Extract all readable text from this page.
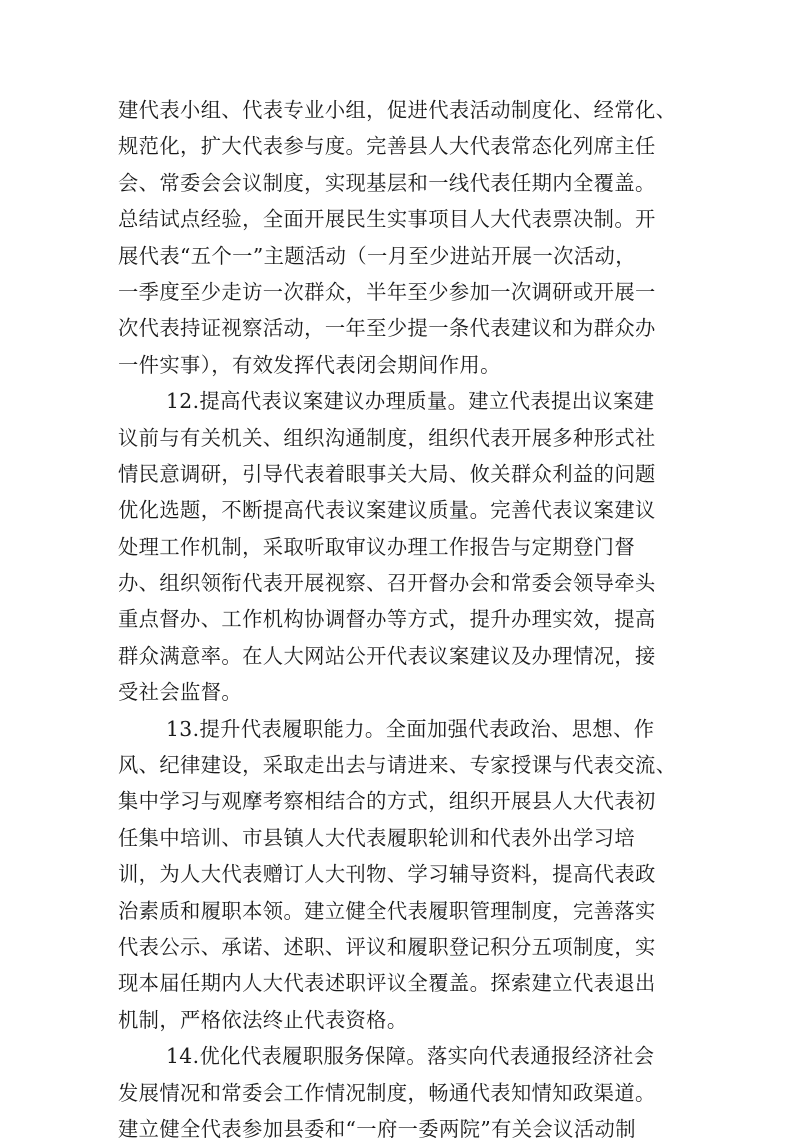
建代表小组、代表专业小组，促进代表活动制度化、经常化、
规范化，扩大代表参与度。完善县人大代表常态化列席主任
会、常委会会议制度，实现基层和一线代表任期内全覆盖。
总结试点经验，全面开展民生实事项目人大代表票决制。开
展代表“五个一”主题活动（一月至少进站开展一次活动，
一季度至少走访一次群众，半年至少参加一次调研或开展一
次代表持证视察活动，一年至少提一条代表建议和为群众办
一件实事），有效发挥代表闭会期间作用。
12.提高代表议案建议办理质量。建立代表提出议案建
议前与有关机关、组织沟通制度，组织代表开展多种形式社
情民意调研，引导代表着眼事关大局、攸关群众利益的问题
优化选题，不断提高代表议案建议质量。完善代表议案建议
处理工作机制，采取听取审议办理工作报告与定期登门督
办、组织领衔代表开展视察、召开督办会和常委会领导牵头
重点督办、工作机构协调督办等方式，提升办理实效，提高
群众满意率。在人大网站公开代表议案建议及办理情况，接
受社会监督。
13.提升代表履职能力。全面加强代表政治、思想、作
风、纪律建设，采取走出去与请进来、专家授课与代表交流、
集中学习与观摩考察相结合的方式，组织开展县人大代表初
任集中培训、市县镇人大代表履职轮训和代表外出学习培
训，为人大代表赠订人大刊物、学习辅导资料，提高代表政
治素质和履职本领。建立健全代表履职管理制度，完善落实
代表公示、承诺、述职、评议和履职登记积分五项制度，实
现本届任期内人大代表述职评议全覆盖。探索建立代表退出
机制，严格依法终止代表资格。
14.优化代表履职服务保障。落实向代表通报经济社会
发展情况和常委会工作情况制度，畅通代表知情知政渠道。
建立健全代表参加县委和“一府一委两院”有关会议活动制
